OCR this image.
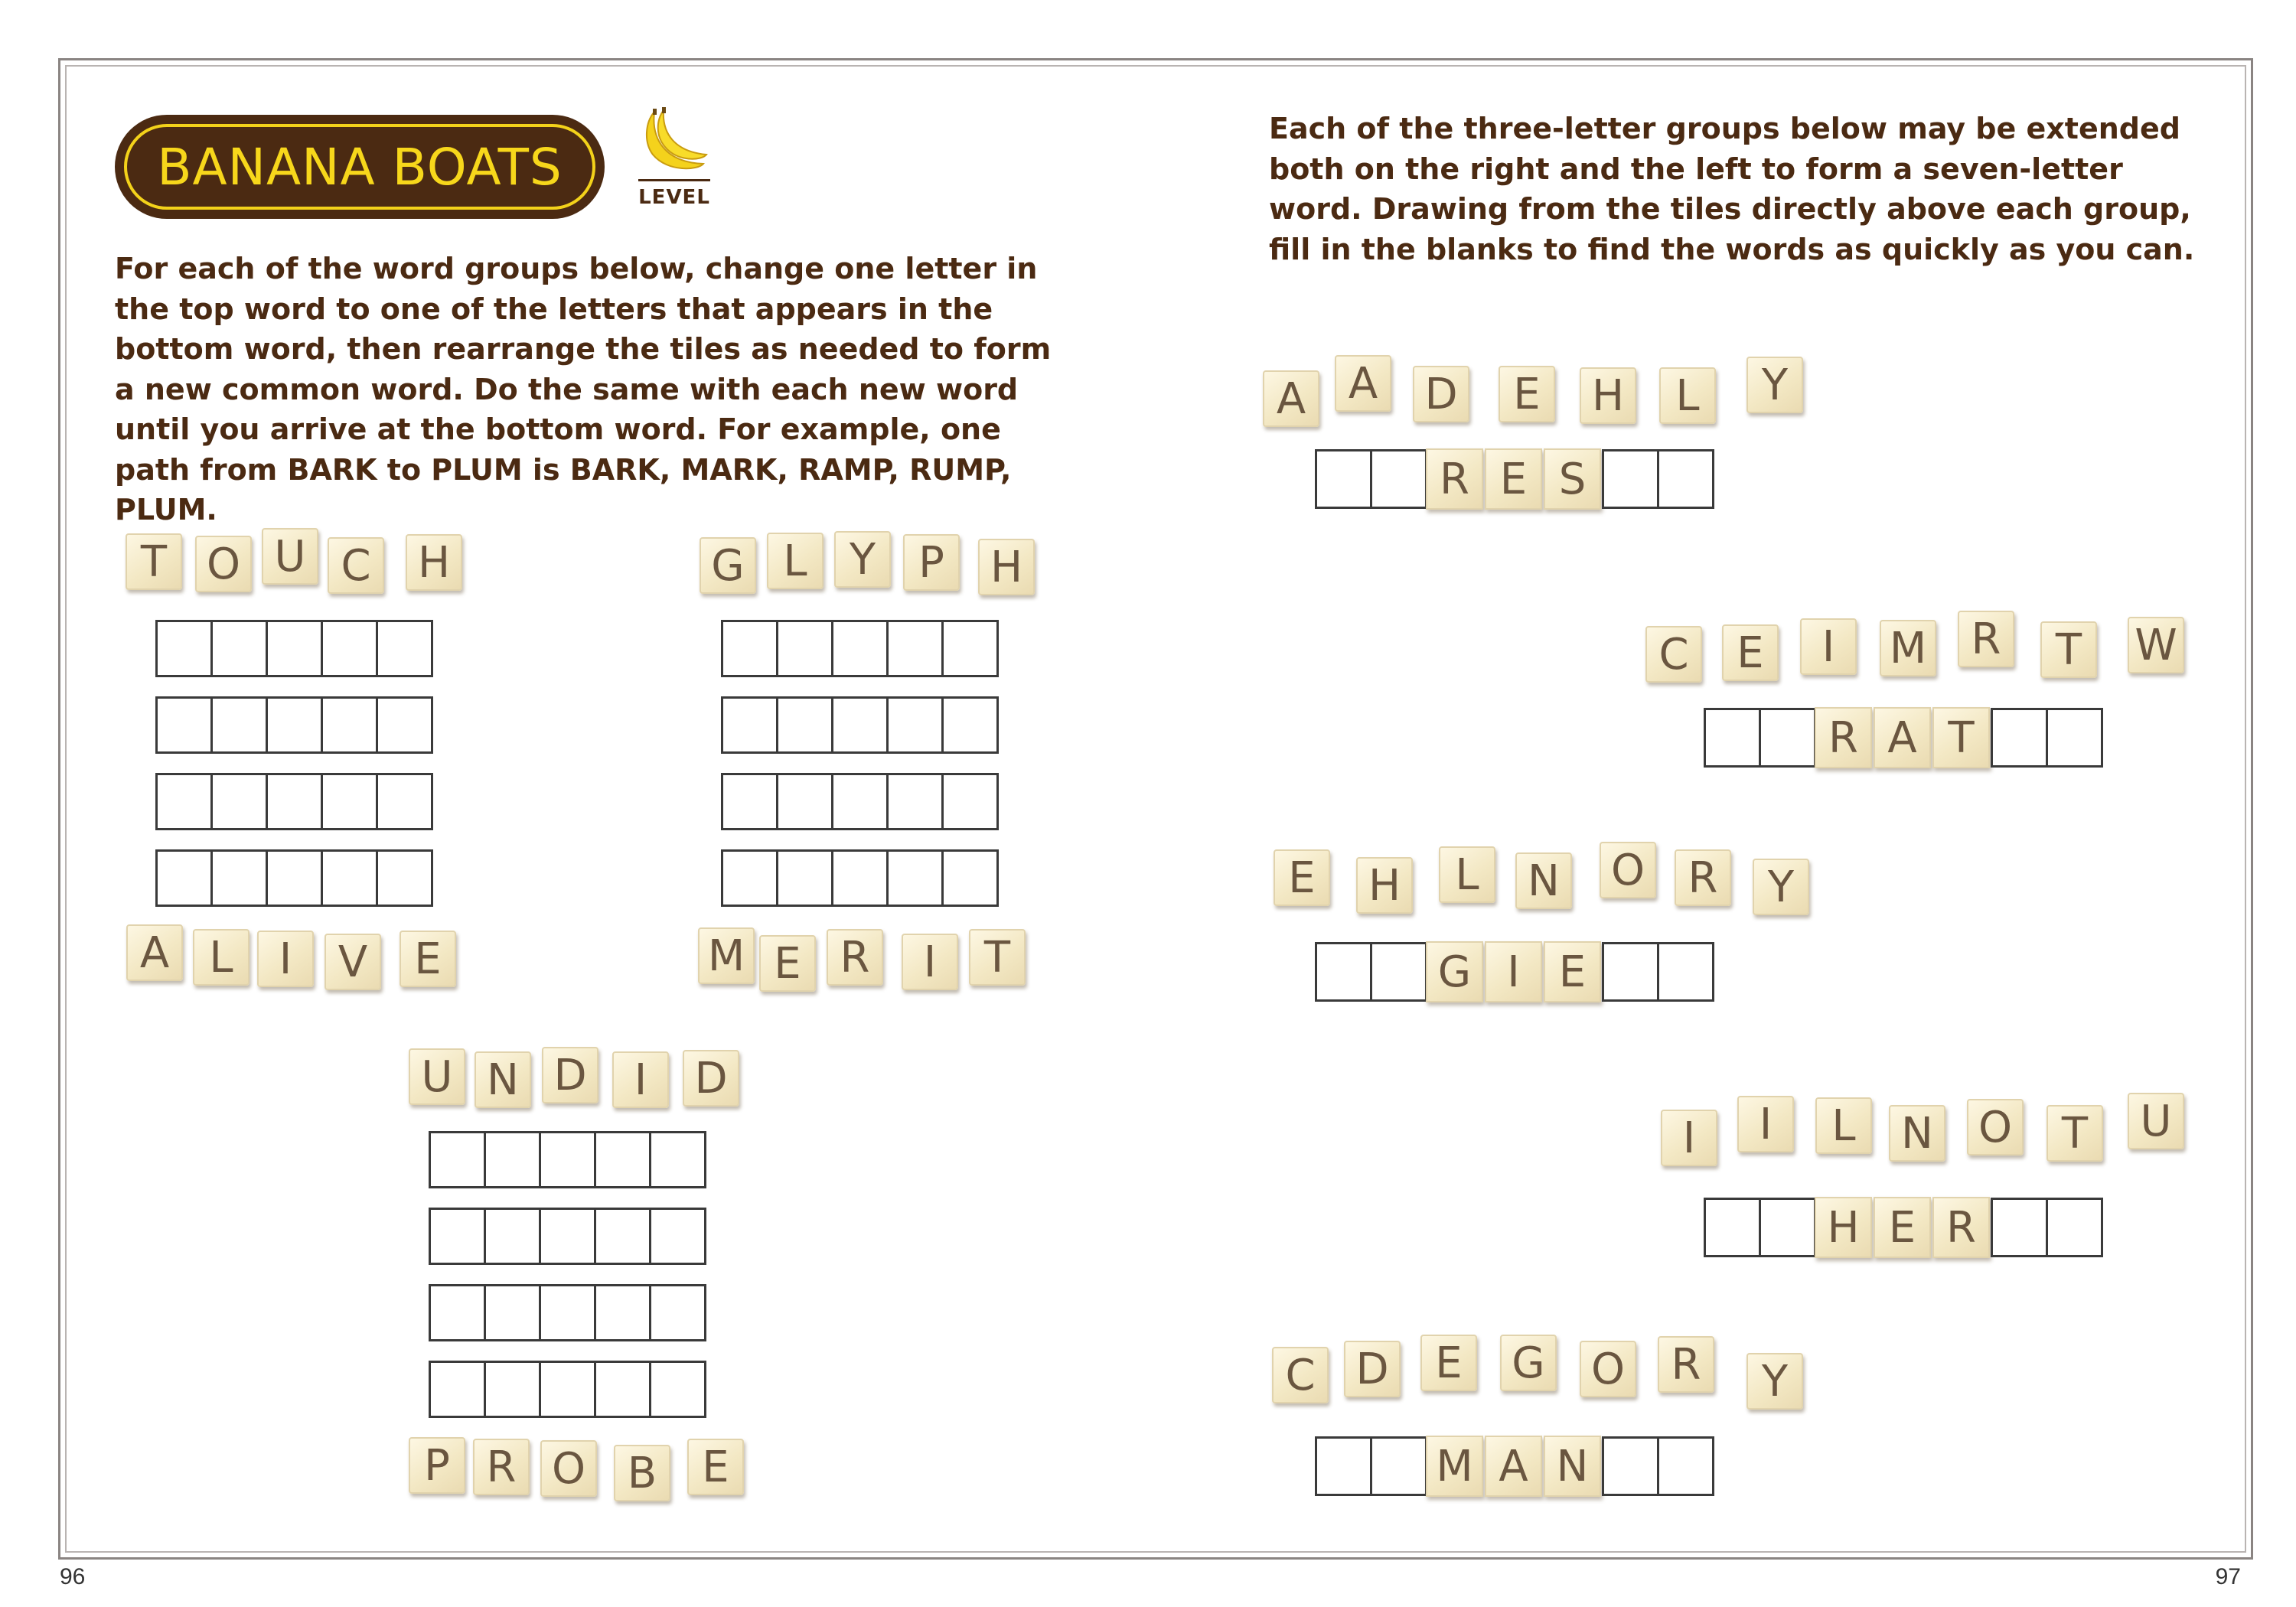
BANANA BOATS
LEVEL
For each of the word groups below, change one letter in the top word to one of the letters that appears in the bottom word, then rearrange the tiles as needed to form a new common word. Do the same with each new word until you arrive at the bottom word. For example, one path from BARK to PLUM is BARK, MARK, RAMP, RUMP, PLUM.
Each of the three-letter groups below may be extended both on the right and the left to form a seven-letter word. Drawing from the tiles directly above each group, fill in the blanks to find the words as quickly as you can.
T O U C	H
A L	I	V	E
G L Y	P	H
M E R	I	T
U N D	I	D
P R O B	E
A A	D	E	H	L	Y
R E S
C	E	I	M	R	T	W
R A T
E	H	L	N O	R	Y
G I E
I	I	L	N O	T	U
H E R
C D	E	G O	R	Y
M A N
96	97
